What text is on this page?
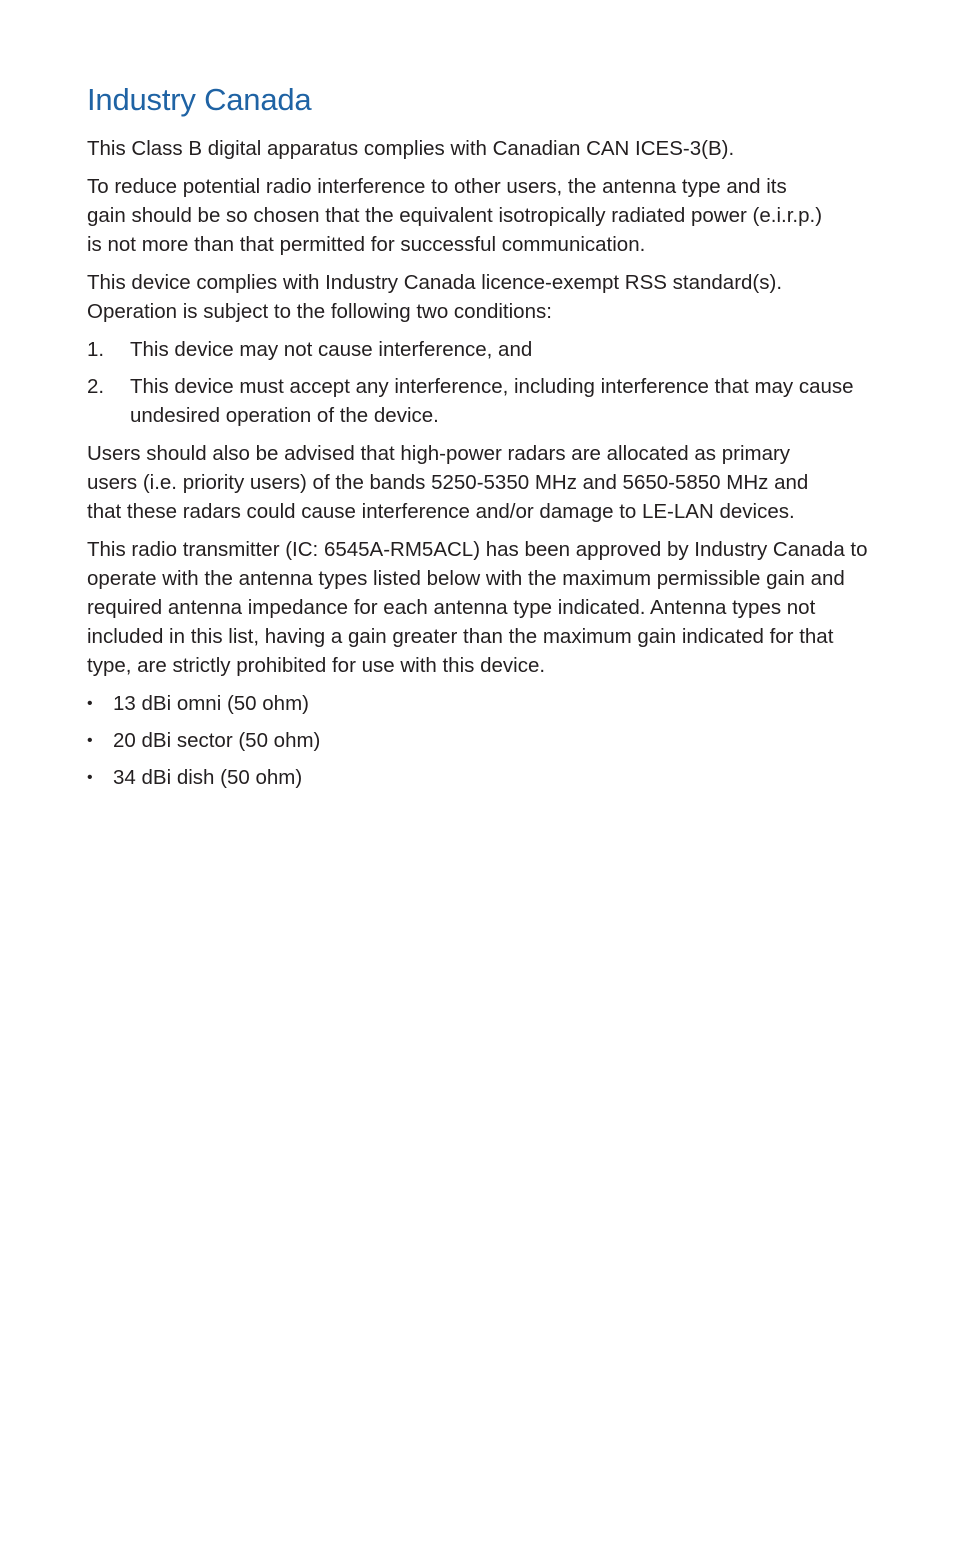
Industry Canada

This Class B digital apparatus complies with Canadian CAN ICES-3(B).

To reduce potential radio interference to other users, the antenna type and its gain should be so chosen that the equivalent isotropically radiated power (e.i.r.p.) is not more than that permitted for successful communication.

This device complies with Industry Canada licence-exempt RSS standard(s). Operation is subject to the following two conditions:

1. This device may not cause interference, and
2. This device must accept any interference, including interference that may cause undesired operation of the device.

Users should also be advised that high-power radars are allocated as primary users (i.e. priority users) of the bands 5250-5350 MHz and 5650-5850 MHz and that these radars could cause interference and/or damage to LE-LAN devices.

This radio transmitter (IC: 6545A-RM5ACL) has been approved by Industry Canada to operate with the antenna types listed below with the maximum permissible gain and required antenna impedance for each antenna type indicated. Antenna types not included in this list, having a gain greater than the maximum gain indicated for that type, are strictly prohibited for use with this device.

• 13 dBi omni (50 ohm)
• 20 dBi sector (50 ohm)
• 34 dBi dish (50 ohm)
